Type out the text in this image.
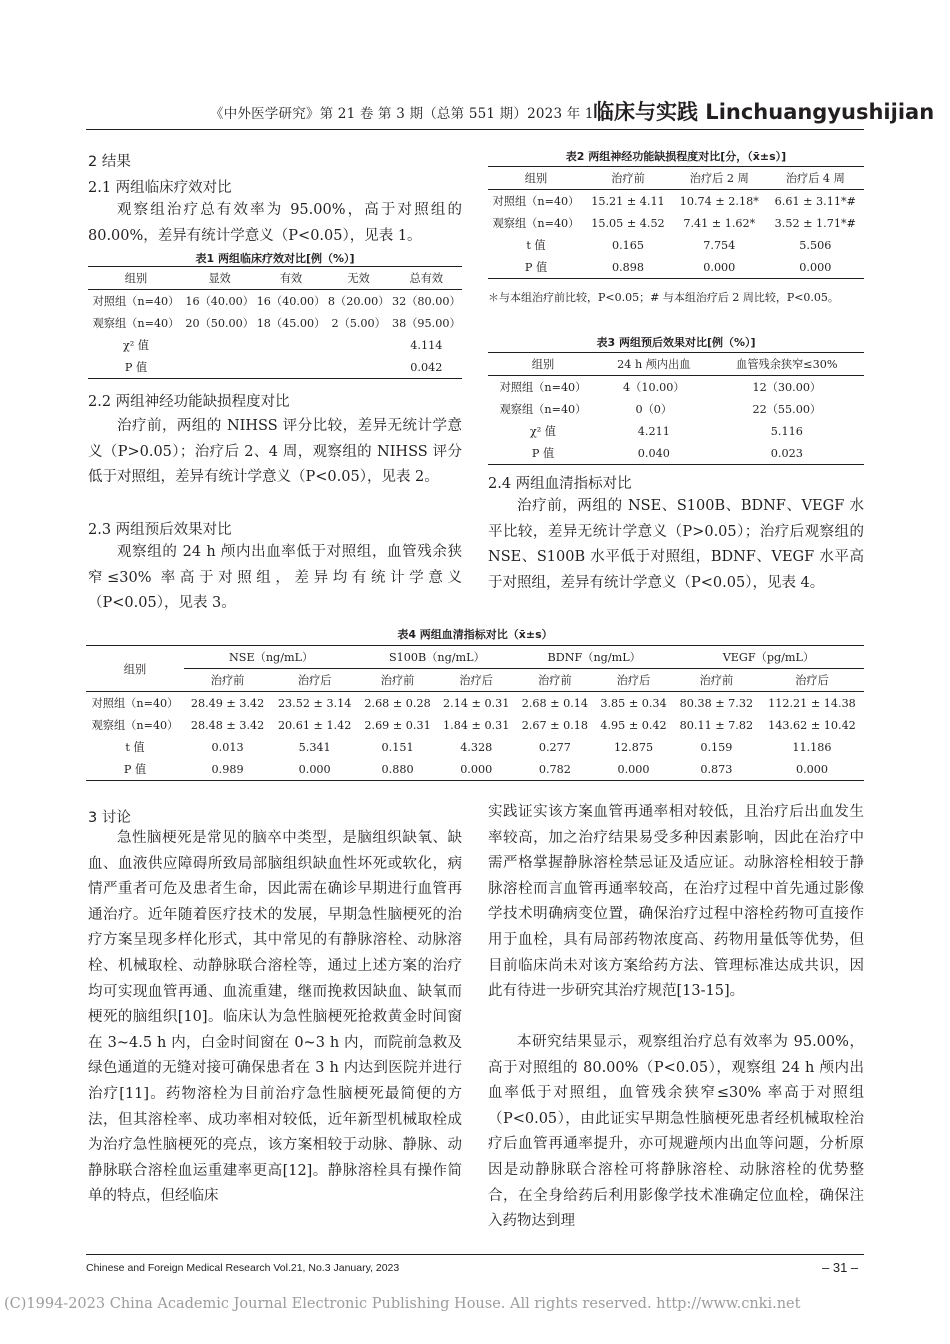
《中外医学研究》第 21 卷 第 3 期（总第 551 期）2023 年 1 月
临床与实践 Linchuangyushijian
2 结果
2.1 两组临床疗效对比
观察组治疗总有效率为 95.00%，高于对照组的 80.00%，差异有统计学意义（P<0.05），见表 1。
表1 两组临床疗效对比[例（%）]
组别	显效	有效	无效	总有效
对照组（n=40）	16（40.00）	16（40.00）	8（20.00）	32（80.00）
观察组（n=40）	20（50.00）	18（45.00）	2（5.00）	38（95.00）
χ² 值				4.114
P 值				0.042
2.2 两组神经功能缺损程度对比
治疗前，两组的 NIHSS 评分比较，差异无统计学意义（P>0.05）；治疗后 2、4 周，观察组的 NIHSS 评分低于对照组，差异有统计学意义（P<0.05），见表 2。
2.3 两组预后效果对比
观察组的 24 h 颅内出血率低于对照组，血管残余狭窄≤30% 率高于对照组，差异均有统计学意义（P<0.05），见表 3。
表2 两组神经功能缺损程度对比[分，（x̄±s）]
组别	治疗前	治疗后 2 周	治疗后 4 周
对照组（n=40）	15.21 ± 4.11	10.74 ± 2.18*	6.61 ± 3.11*#
观察组（n=40）	15.05 ± 4.52	7.41 ± 1.62*	3.52 ± 1.71*#
t 值	0.165	7.754	5.506
P 值	0.898	0.000	0.000
＊与本组治疗前比较，P<0.05；# 与本组治疗后 2 周比较，P<0.05。
表3 两组预后效果对比[例（%）]
组别	24 h 颅内出血	血管残余狭窄≤30%
对照组（n=40）	4（10.00）	12（30.00）
观察组（n=40）	0（0）	22（55.00）
χ² 值	4.211	5.116
P 值	0.040	0.023
2.4 两组血清指标对比
治疗前，两组的 NSE、S100B、BDNF、VEGF 水平比较，差异无统计学意义（P>0.05）；治疗后观察组的 NSE、S100B 水平低于对照组，BDNF、VEGF 水平高于对照组，差异有统计学意义（P<0.05），见表 4。
表4 两组血清指标对比（x̄±s）
组别	NSE（ng/mL）		S100B（ng/mL）		BDNF（ng/mL）		VEGF（pg/mL）	
	治疗前	治疗后	治疗前	治疗后	治疗前	治疗后	治疗前	治疗后
对照组（n=40）	28.49 ± 3.42	23.52 ± 3.14	2.68 ± 0.28	2.14 ± 0.31	2.68 ± 0.14	3.85 ± 0.34	80.38 ± 7.32	112.21 ± 14.38
观察组（n=40）	28.48 ± 3.42	20.61 ± 1.42	2.69 ± 0.31	1.84 ± 0.31	2.67 ± 0.18	4.95 ± 0.42	80.11 ± 7.82	143.62 ± 10.42
t 值	0.013	5.341	0.151	4.328	0.277	12.875	0.159	11.186
P 值	0.989	0.000	0.880	0.000	0.782	0.000	0.873	0.000
3 讨论
急性脑梗死是常见的脑卒中类型，是脑组织缺氧、缺血、血液供应障碍所致局部脑组织缺血性坏死或软化，病情严重者可危及患者生命，因此需在确诊早期进行血管再通治疗。近年随着医疗技术的发展，早期急性脑梗死的治疗方案呈现多样化形式，其中常见的有静脉溶栓、动脉溶栓、机械取栓、动静脉联合溶栓等，通过上述方案的治疗均可实现血管再通、血流重建，继而挽救因缺血、缺氧而梗死的脑组织[10]。临床认为急性脑梗死抢救黄金时间窗在 3~4.5 h 内，白金时间窗在 0~3 h 内，而院前急救及绿色通道的无缝对接可确保患者在 3 h 内达到医院并进行治疗[11]。药物溶栓为目前治疗急性脑梗死最简便的方法，但其溶栓率、成功率相对较低，近年新型机械取栓成为治疗急性脑梗死的亮点，该方案相较于动脉、静脉、动静脉联合溶栓血运重建率更高[12]。静脉溶栓具有操作简单的特点，但经临床
实践证实该方案血管再通率相对较低，且治疗后出血发生率较高，加之治疗结果易受多种因素影响，因此在治疗中需严格掌握静脉溶栓禁忌证及适应证。动脉溶栓相较于静脉溶栓而言血管再通率较高，在治疗过程中首先通过影像学技术明确病变位置，确保治疗过程中溶栓药物可直接作用于血栓，具有局部药物浓度高、药物用量低等优势，但目前临床尚未对该方案给药方法、管理标准达成共识，因此有待进一步研究其治疗规范[13-15]。
本研究结果显示，观察组治疗总有效率为 95.00%，高于对照组的 80.00%（P<0.05），观察组 24 h 颅内出血率低于对照组，血管残余狭窄≤30% 率高于对照组（P<0.05），由此证实早期急性脑梗死患者经机械取栓治疗后血管再通率提升，亦可规避颅内出血等问题，分析原因是动静脉联合溶栓可将静脉溶栓、动脉溶栓的优势整合，在全身给药后利用影像学技术准确定位血栓，确保注入药物达到理
Chinese and Foreign Medical Research Vol.21, No.3 January, 2023	– 31 –
(C)1994-2023 China Academic Journal Electronic Publishing House. All rights reserved. http://www.cnki.net
